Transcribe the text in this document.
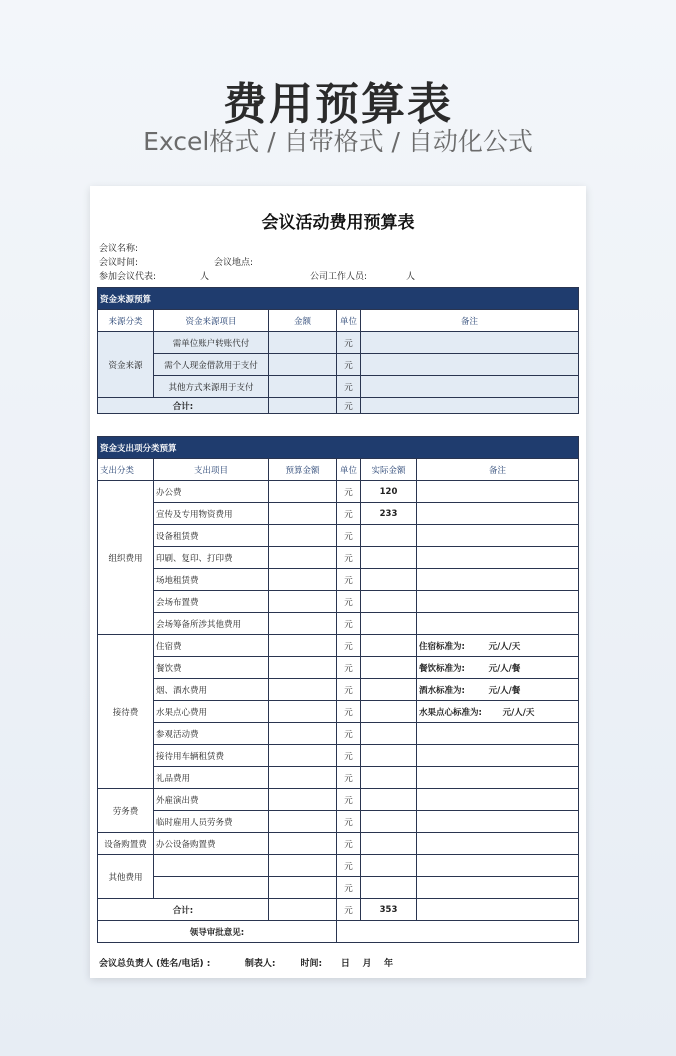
费用预算表
Excel格式 / 自带格式 / 自动化公式
会议活动费用预算表
会议名称:
会议时间:	会议地点:
参加会议代表:	人	公司工作人员:	人
资金来源预算				
来源分类	资金来源项目	金额	单位	备注
资金来源	需单位账户转账代付		元	
	需个人现金借款用于支付		元	
	其他方式来源用于支付		元	
合计:			元	
资金支出项分类预算					
支出分类	支出项目	预算金额	单位	实际金额	备注
组织费用	办公费		元	120	
	宣传及专用物资费用		元	233	
	设备租赁费		元		
	印刷、复印、打印费		元		
	场地租赁费		元		
	会场布置费		元		
	会场筹备所涉其他费用		元		
接待费	住宿费		元		住宿标准为:        元/人/天
	餐饮费		元		餐饮标准为:        元/人/餐
	烟、酒水费用		元		酒水标准为:        元/人/餐
	水果点心费用		元		水果点心标准为:       元/人/天
	参观活动费		元		
	接待用车辆租赁费		元		
	礼品费用		元		
劳务费	外雇演出费		元		
	临时雇用人员劳务费		元		
设备购置费	办公设备购置费		元		
其他费用			元		
			元		
合计:			元	353	
领导审批意见:					
会议总负责人 (姓名/电话) :           制表人:        时间:      日    月    年
